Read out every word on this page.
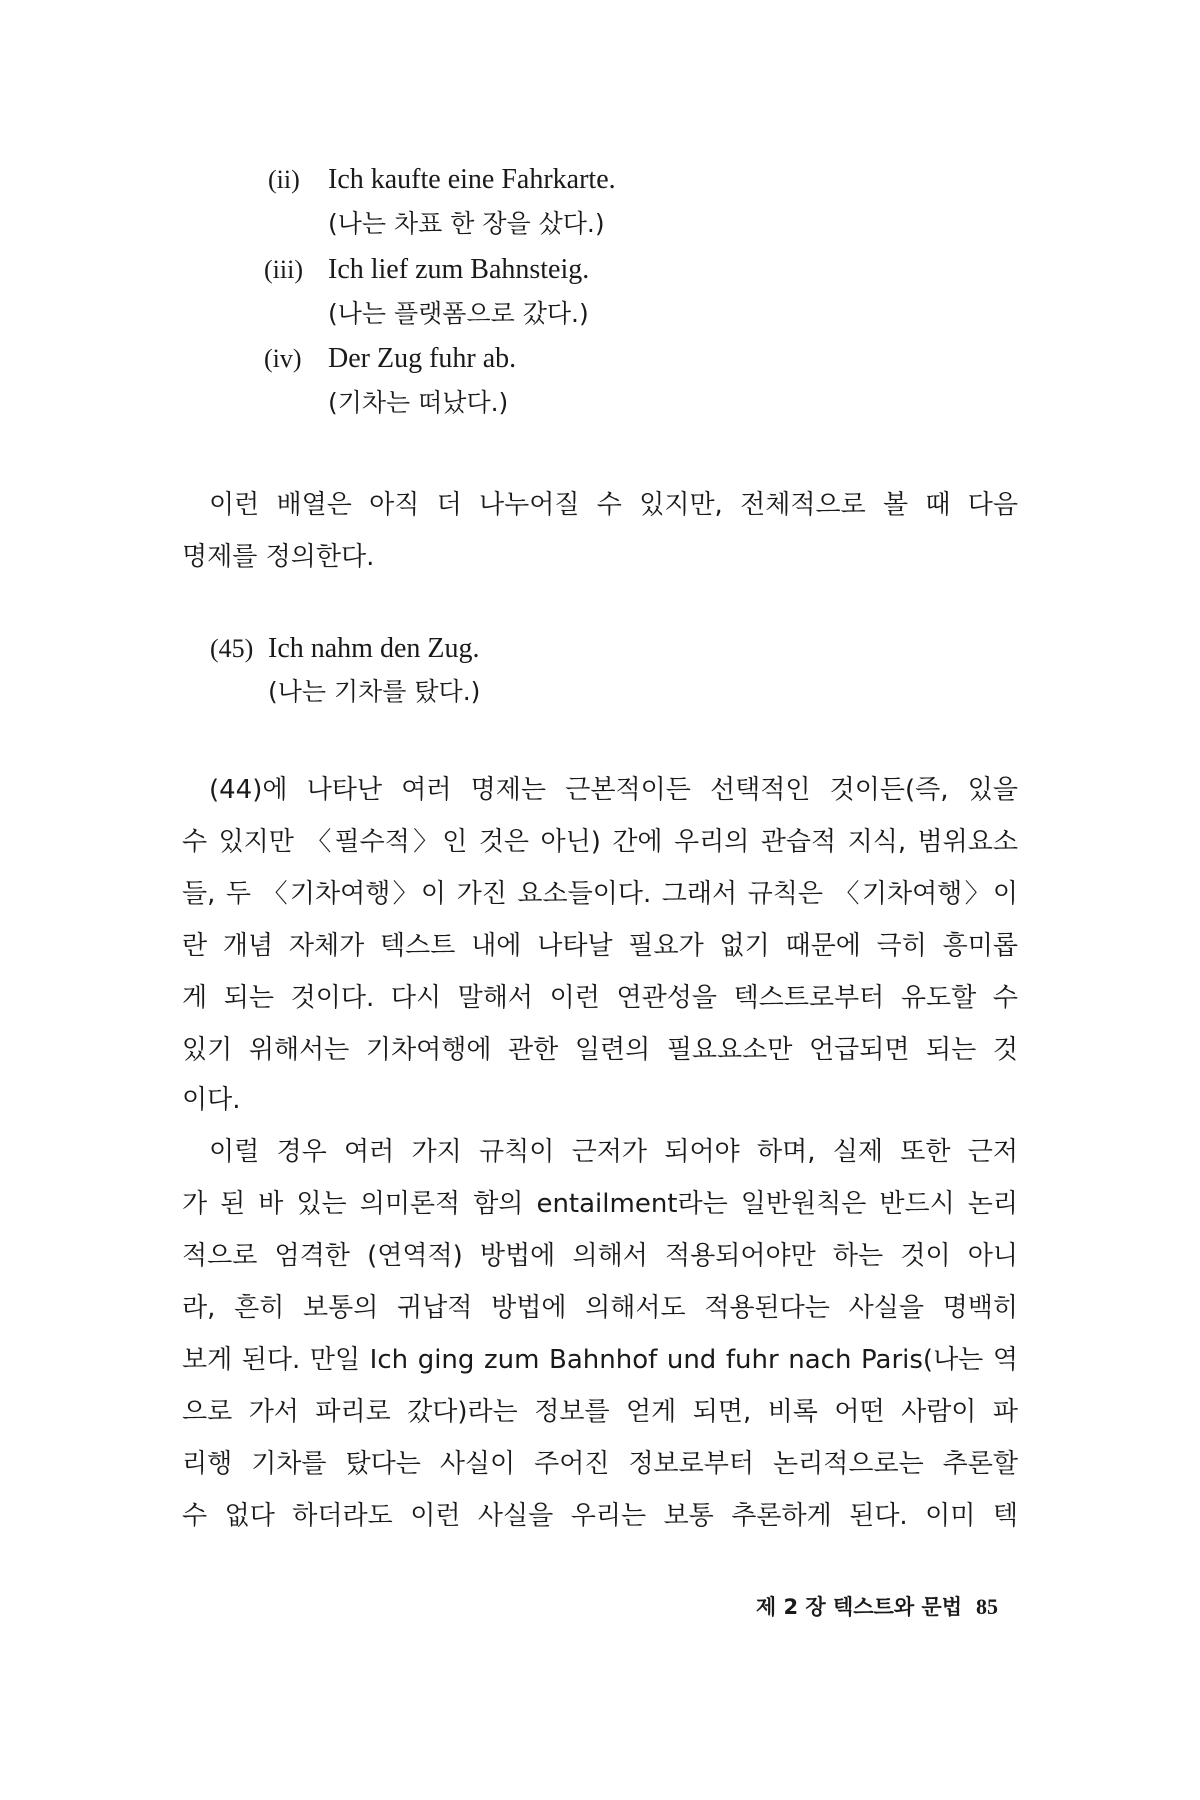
(ii) Ich kaufte eine Fahrkarte.
(나는 차표 한 장을 샀다.)
(iii) Ich lief zum Bahnsteig.
(나는 플랫폼으로 갔다.)
(iv) Der Zug fuhr ab.
(기차는 떠났다.)
이런 배열은 아직 더 나누어질 수 있지만, 전체적으로 볼 때 다음
명제를 정의한다.
(45) Ich nahm den Zug.
(나는 기차를 탔다.)
(44)에 나타난 여러 명제는 근본적이든 선택적인 것이든(즉, 있을
수 있지만 〈필수적〉인 것은 아닌) 간에 우리의 관습적 지식, 범위요소
들, 두 〈기차여행〉이 가진 요소들이다. 그래서 규칙은 〈기차여행〉이
란 개념 자체가 텍스트 내에 나타날 필요가 없기 때문에 극히 흥미롭
게 되는 것이다. 다시 말해서 이런 연관성을 텍스트로부터 유도할 수
있기 위해서는 기차여행에 관한 일련의 필요요소만 언급되면 되는 것
이다.
이럴 경우 여러 가지 규칙이 근저가 되어야 하며, 실제 또한 근저
가 된 바 있는 의미론적 함의 entailment라는 일반원칙은 반드시 논리
적으로 엄격한 (연역적) 방법에 의해서 적용되어야만 하는 것이 아니
라, 흔히 보통의 귀납적 방법에 의해서도 적용된다는 사실을 명백히
보게 된다. 만일 Ich ging zum Bahnhof und fuhr nach Paris(나는 역
으로 가서 파리로 갔다)라는 정보를 얻게 되면, 비록 어떤 사람이 파
리행 기차를 탔다는 사실이 주어진 정보로부터 논리적으로는 추론할
수 없다 하더라도 이런 사실을 우리는 보통 추론하게 된다. 이미 텍
제 2 장 텍스트와 문법 85
